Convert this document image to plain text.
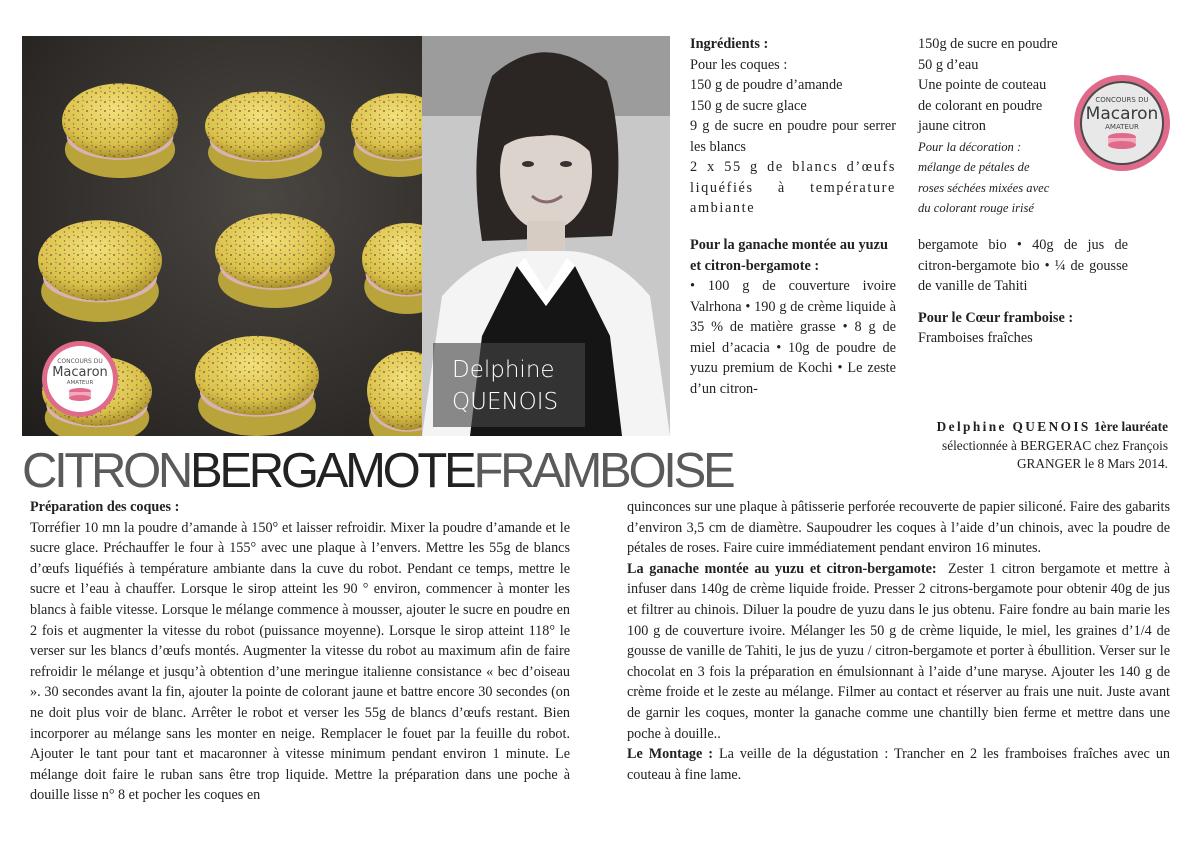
CONCOURS DU
Macaron
AMATEUR	Delphine
QUENOIS

Ingrédients :

Pour les coques :

150 g de poudre d’amande

150 g de sucre glace

9 g de sucre en poudre pour serrer les blancs

2 x 55 g de blancs d’œufs liquéfiés à température ambiante

150g de sucre en poudre

50 g d’eau

Une pointe de couteau de colorant en poudre jaune citron

Pour la décoration :

mélange de pétales de roses séchées mixées avec du colorant rouge irisé

CONCOURS DU
Macaron
AMATEUR

Pour la ganache montée au yuzu et citron-bergamote :

• 100 g de couverture ivoire Valrhona • 190 g de crème liquide à 35 % de matière grasse • 8 g de miel d’acacia • 10g de poudre de yuzu premium de Kochi • Le zeste d’un citron-

bergamote bio • 40g de jus de citron-bergamote bio • ¼ de gousse de vanille de Tahiti

Pour le Cœur framboise :

Framboises fraîches

Delphine QUENOIS 1ère lauréate sélectionnée à BERGERAC chez François GRANGER le 8 Mars 2014.
CITRONBERGAMOTEFRAMBOISE

Préparation des coques :

Torréfier 10 mn la poudre d’amande à 150° et laisser refroidir. Mixer la poudre d’amande et le sucre glace. Préchauffer le four à 155° avec une plaque à l’envers. Mettre les 55g de blancs d’œufs liquéfiés à température ambiante dans la cuve du robot. Pendant ce temps, mettre le sucre et l’eau à chauffer. Lorsque le sirop atteint les 90 ° environ, commencer à monter les blancs à faible vitesse. Lorsque le mélange commence à mousser, ajouter le sucre en poudre en 2 fois et augmenter la vitesse du robot (puissance moyenne). Lorsque le sirop atteint 118° le verser sur les blancs d’œufs montés. Augmenter la vitesse du robot au maximum afin de faire refroidir le mélange et jusqu’à obtention d’une meringue italienne consistance « bec d’oiseau ». 30 secondes avant la fin, ajouter la pointe de colorant jaune et battre encore 30 secondes (on ne doit plus voir de blanc. Arrêter le robot et verser les 55g de blancs d’œufs restant. Bien incorporer au mélange sans les monter en neige. Remplacer le fouet par la feuille du robot. Ajouter le tant pour tant et macaronner à vitesse minimum pendant environ 1 minute. Le mélange doit faire le ruban sans être trop liquide. Mettre la préparation dans une poche à douille lisse n° 8 et pocher les coques en

quinconces sur une plaque à pâtisserie perforée recouverte de papier siliconé. Faire des gabarits d’environ 3,5 cm de diamètre. Saupoudrer les coques à l’aide d’un chinois, avec la poudre de pétales de roses. Faire cuire immédiatement pendant environ 16 minutes.

La ganache montée au yuzu et citron-bergamote: Zester 1 citron bergamote et mettre à infuser dans 140g de crème liquide froide. Presser 2 citrons-bergamote pour obtenir 40g de jus et filtrer au chinois. Diluer la poudre de yuzu dans le jus obtenu. Faire fondre au bain marie les 100 g de couverture ivoire. Mélanger les 50 g de crème liquide, le miel, les graines d’1/4 de gousse de vanille de Tahiti, le jus de yuzu / citron-bergamote et porter à ébullition. Verser sur le chocolat en 3 fois la préparation en émulsionnant à l’aide d’une maryse. Ajouter les 140 g de crème froide et le zeste au mélange. Filmer au contact et réserver au frais une nuit. Juste avant de garnir les coques, monter la ganache comme une chantilly bien ferme et mettre dans une poche à douille..

Le Montage : La veille de la dégustation : Trancher en 2 les framboises fraîches avec un couteau à fine lame.
